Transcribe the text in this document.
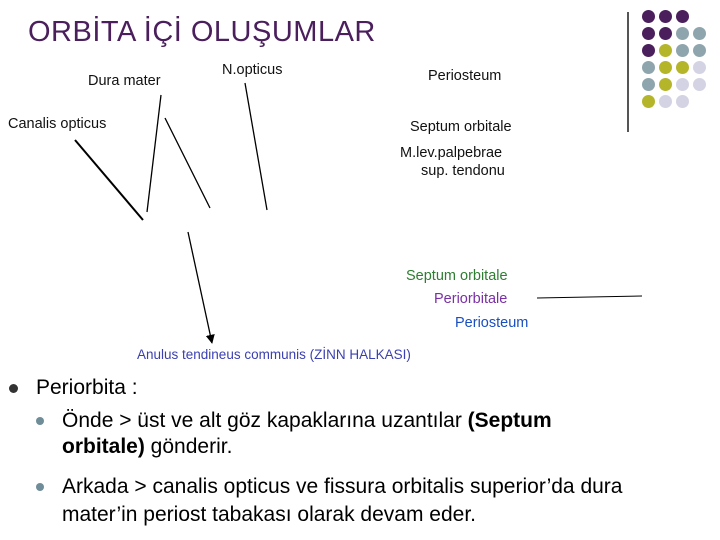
ORBİTA İÇİ OLUŞUMLAR
Dura mater
N.opticus	Periosteum
Canalis opticus	Septum orbitale
M.lev.palpebrae
sup. tendonu
Septum orbitale
Periorbitale
Periosteum
Anulus tendineus communis (ZİNN HALKASI)
Periorbita :
Önde > üst ve alt göz kapaklarına uzantılar (Septum
orbitale) gönderir.
Arkada > canalis opticus ve fissura orbitalis superior’da dura
mater’in periost tabakası olarak devam eder.
